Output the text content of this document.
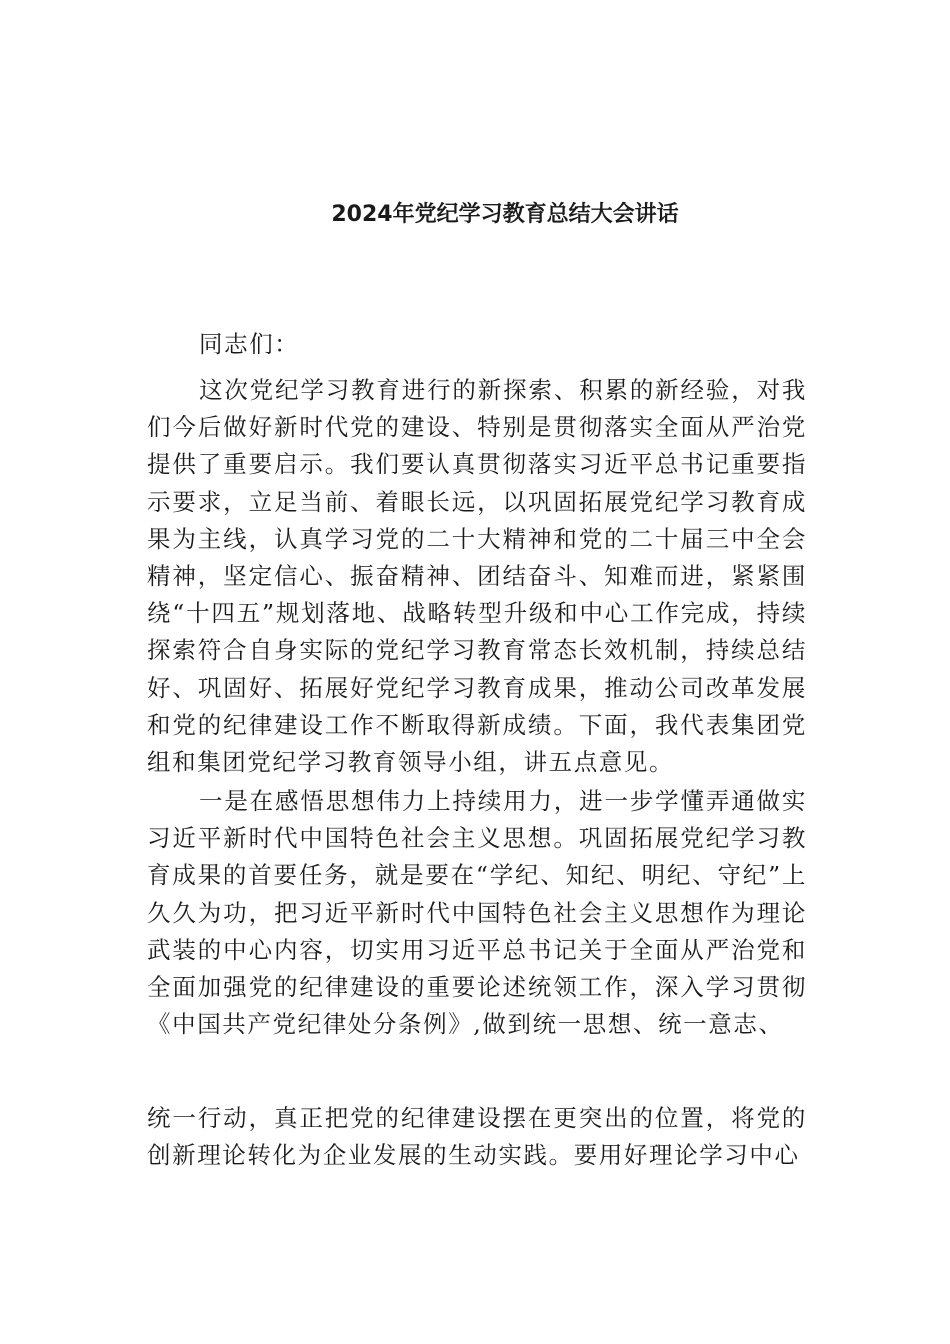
2024年党纪学习教育总结大会讲话

同志们：

这次党纪学习教育进行的新探索、积累的新经验，对我们今后做好新时代党的建设、特别是贯彻落实全面从严治党提供了重要启示。我们要认真贯彻落实习近平总书记重要指示要求，立足当前、着眼长远，以巩固拓展党纪学习教育成果为主线，认真学习党的二十大精神和党的二十届三中全会精神，坚定信心、振奋精神、团结奋斗、知难而进，紧紧围绕“十四五”规划落地、战略转型升级和中心工作完成，持续探索符合自身实际的党纪学习教育常态长效机制，持续总结好、巩固好、拓展好党纪学习教育成果，推动公司改革发展和党的纪律建设工作不断取得新成绩。下面，我代表集团党组和集团党纪学习教育领导小组，讲五点意见。

一是在感悟思想伟力上持续用力，进一步学懂弄通做实习近平新时代中国特色社会主义思想。巩固拓展党纪学习教育成果的首要任务，就是要在“学纪、知纪、明纪、守纪”上久久为功，把习近平新时代中国特色社会主义思想作为理论武装的中心内容，切实用习近平总书记关于全面从严治党和全面加强党的纪律建设的重要论述统领工作，深入学习贯彻《中国共产党纪律处分条例》,做到统一思想、统一意志、

统一行动，真正把党的纪律建设摆在更突出的位置，将党的创新理论转化为企业发展的生动实践。要用好理论学习中心
